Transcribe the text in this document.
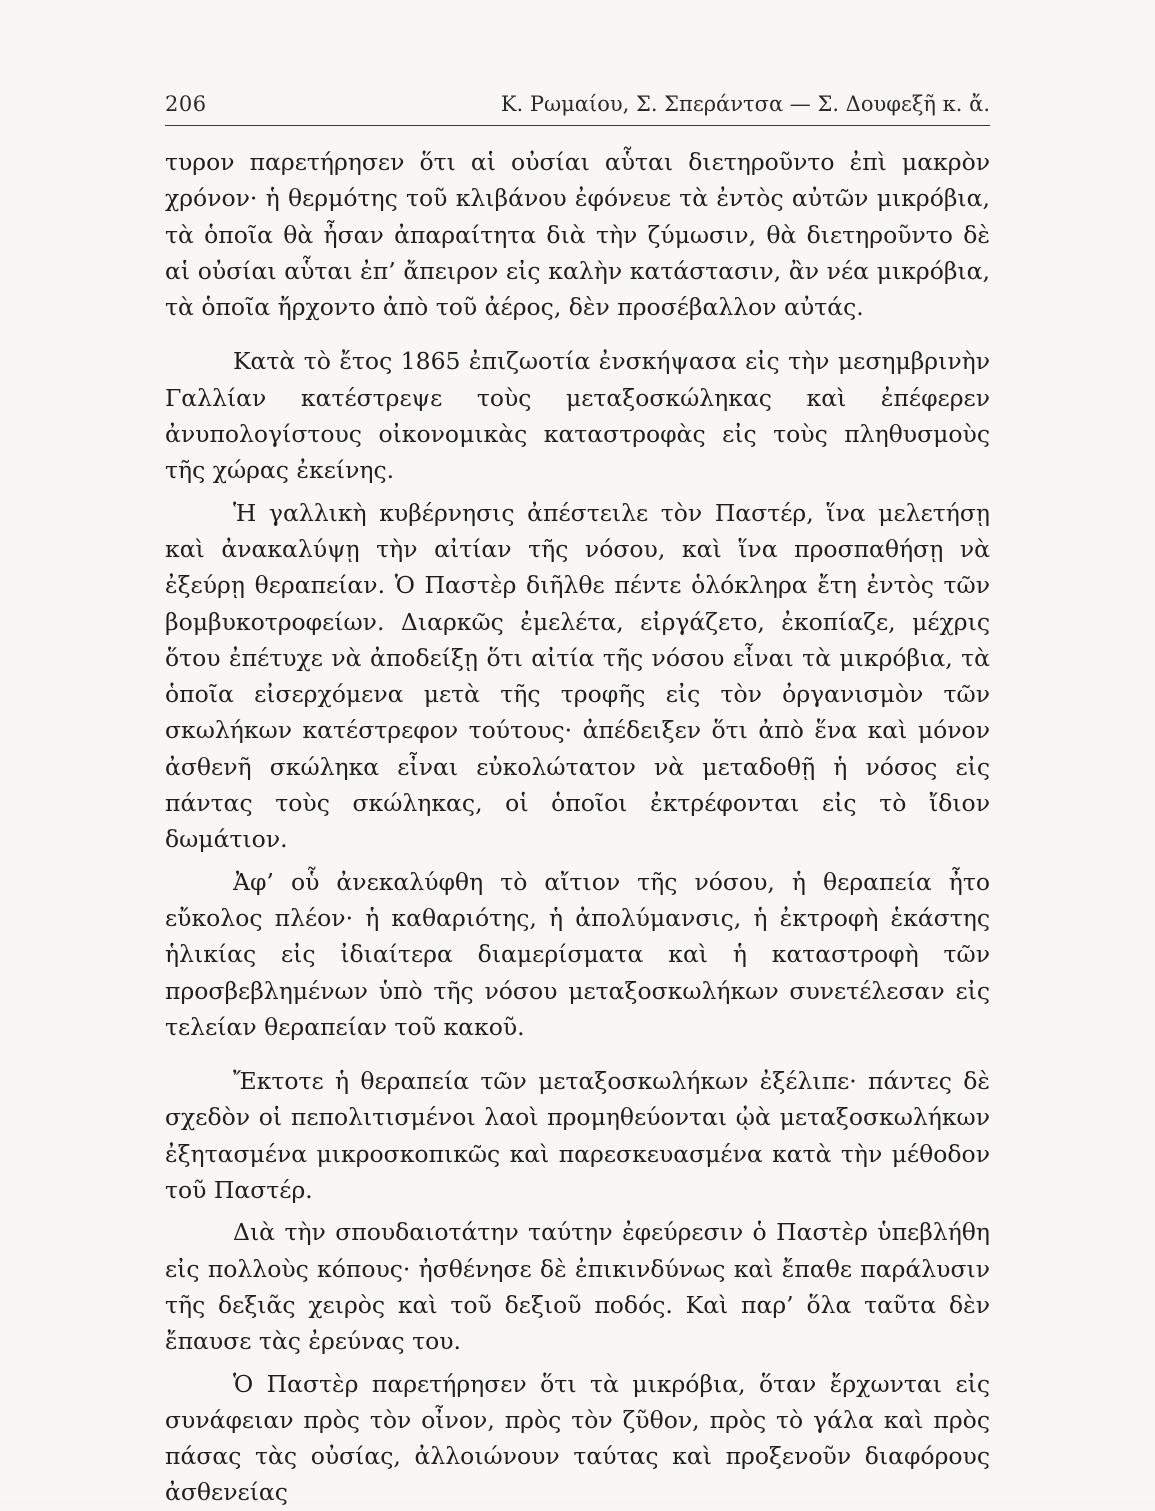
206	Κ. Ρωμαίου, Σ. Σπεράντσα — Σ. Δουφεξῆ κ. ἄ.

τυρον παρετήρησεν ὅτι αἱ οὐσίαι αὗται διετηροῦντο ἐπὶ μακρὸν χρόνον· ἡ θερμότης τοῦ κλιβάνου ἐφόνευε τὰ ἐντὸς αὐτῶν μικρόβια, τὰ ὁποῖα θὰ ἦσαν ἀπαραίτητα διὰ τὴν ζύμωσιν, θὰ διετηροῦντο δὲ αἱ οὐσίαι αὗται ἐπ’ ἄπειρον εἰς καλὴν κατάστασιν, ἂν νέα μικρόβια, τὰ ὁποῖα ἤρχοντο ἀπὸ τοῦ ἀέρος, δὲν προσέβαλλον αὐτάς.

Κατὰ τὸ ἔτος 1865 ἐπιζωοτία ἐνσκήψασα εἰς τὴν μεσημβρινὴν Γαλλίαν κατέστρεψε τοὺς μεταξοσκώληκας καὶ ἐπέφερεν ἀνυπολογίστους οἰκονομικὰς καταστροφὰς εἰς τοὺς πληθυσμοὺς τῆς χώρας ἐκείνης.

Ἡ γαλλικὴ κυβέρνησις ἀπέστειλε τὸν Παστέρ, ἵνα μελετήσῃ καὶ ἀνακαλύψῃ τὴν αἰτίαν τῆς νόσου, καὶ ἵνα προσπαθήσῃ νὰ ἐξεύρῃ θεραπείαν. Ὁ Παστὲρ διῆλθε πέντε ὁλόκληρα ἔτη ἐντὸς τῶν βομβυκοτροφείων. Διαρκῶς ἐμελέτα, εἰργάζετο, ἐκοπίαζε, μέχρις ὅτου ἐπέτυχε νὰ ἀποδείξῃ ὅτι αἰτία τῆς νόσου εἶναι τὰ μικρόβια, τὰ ὁποῖα εἰσερχόμενα μετὰ τῆς τροφῆς εἰς τὸν ὀργανισμὸν τῶν σκωλήκων κατέστρεφον τούτους· ἀπέδειξεν ὅτι ἀπὸ ἕνα καὶ μόνον ἀσθενῆ σκώληκα εἶναι εὐκολώτατον νὰ μεταδοθῇ ἡ νόσος εἰς πάντας τοὺς σκώληκας, οἱ ὁποῖοι ἐκτρέφονται εἰς τὸ ἴδιον δωμάτιον.

Ἀφ’ οὗ ἀνεκαλύφθη τὸ αἴτιον τῆς νόσου, ἡ θεραπεία ἦτο εὔκολος πλέον· ἡ καθαριότης, ἡ ἀπολύμανσις, ἡ ἐκτροφὴ ἑκάστης ἡλικίας εἰς ἰδιαίτερα διαμερίσματα καὶ ἡ καταστροφὴ τῶν προσβεβλημένων ὑπὸ τῆς νόσου μεταξοσκωλήκων συνετέλεσαν εἰς τελείαν θεραπείαν τοῦ κακοῦ.

Ἔκτοτε ἡ θεραπεία τῶν μεταξοσκωλήκων ἐξέλιπε· πάντες δὲ σχεδὸν οἱ πεπολιτισμένοι λαοὶ προμηθεύονται ᾠὰ μεταξοσκωλήκων ἐξητασμένα μικροσκοπικῶς καὶ παρεσκευασμένα κατὰ τὴν μέθοδον τοῦ Παστέρ.

Διὰ τὴν σπουδαιοτάτην ταύτην ἐφεύρεσιν ὁ Παστὲρ ὑπεβλήθη εἰς πολλοὺς κόπους· ἠσθένησε δὲ ἐπικινδύνως καὶ ἔπαθε παράλυσιν τῆς δεξιᾶς χειρὸς καὶ τοῦ δεξιοῦ ποδός. Καὶ παρ’ ὅλα ταῦτα δὲν ἔπαυσε τὰς ἐρεύνας του.

Ὁ Παστὲρ παρετήρησεν ὅτι τὰ μικρόβια, ὅταν ἔρχωνται εἰς συνάφειαν πρὸς τὸν οἶνον, πρὸς τὸν ζῦθον, πρὸς τὸ γάλα καὶ πρὸς πάσας τὰς οὐσίας, ἀλλοιώνουν ταύτας καὶ προξενοῦν διαφόρους ἀσθενείας
